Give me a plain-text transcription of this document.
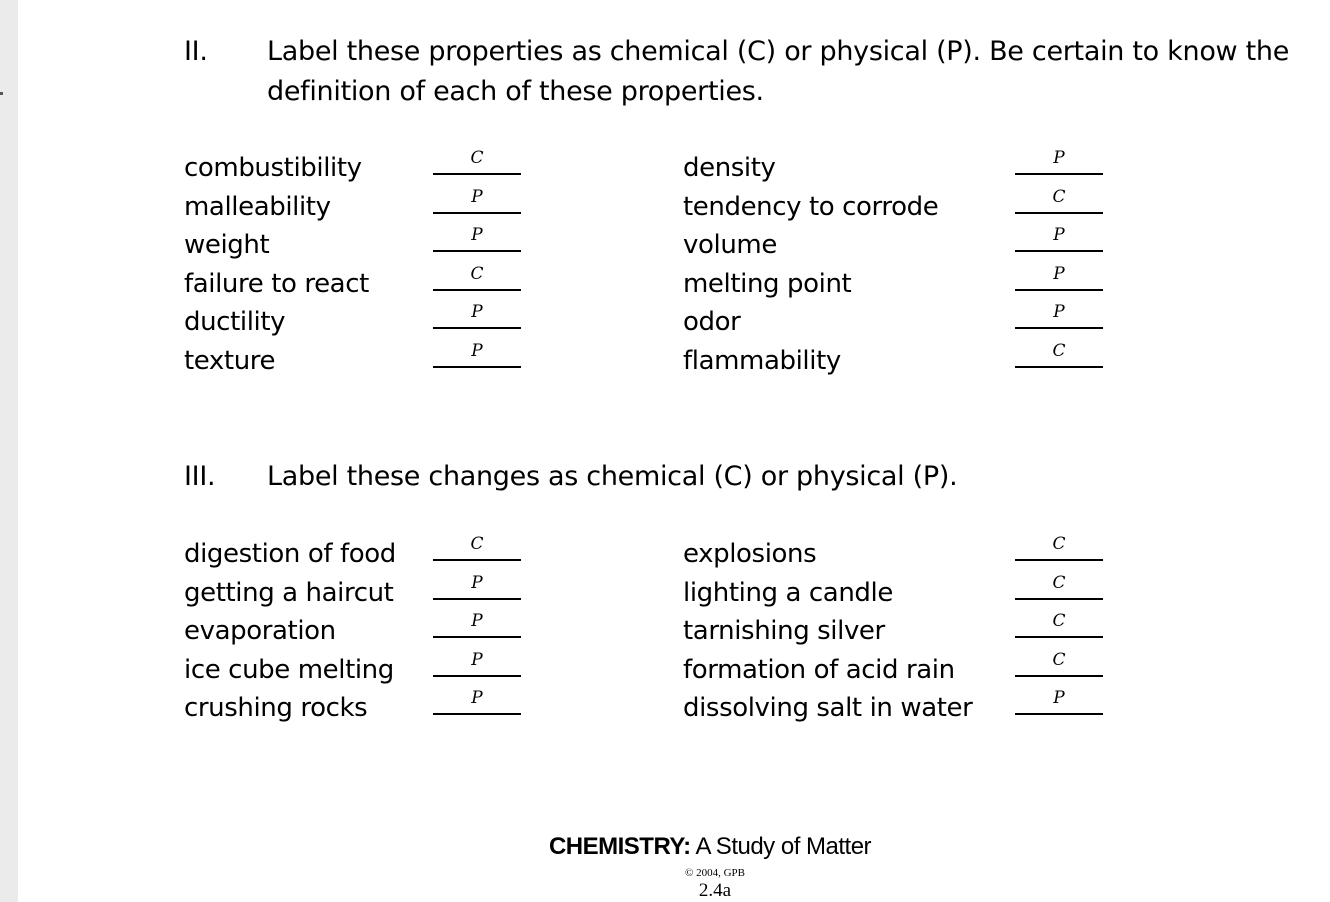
II. Label these properties as chemical (C) or physical (P). Be certain to know the
definition of each of these properties.
combustibility	C
malleability	P
weight	P
failure to react	C
ductility	P
texture	P
density	P
tendency to corrode	C
volume	P
melting point	P
odor	P
flammability	C
III. Label these changes as chemical (C) or physical (P).
digestion of food	C
getting a haircut	P
evaporation	P
ice cube melting	P
crushing rocks	P
explosions	C
lighting a candle	C
tarnishing silver	C
formation of acid rain	C
dissolving salt in water	P
CHEMISTRY: A Study of Matter
© 2004, GPB
2.4a
